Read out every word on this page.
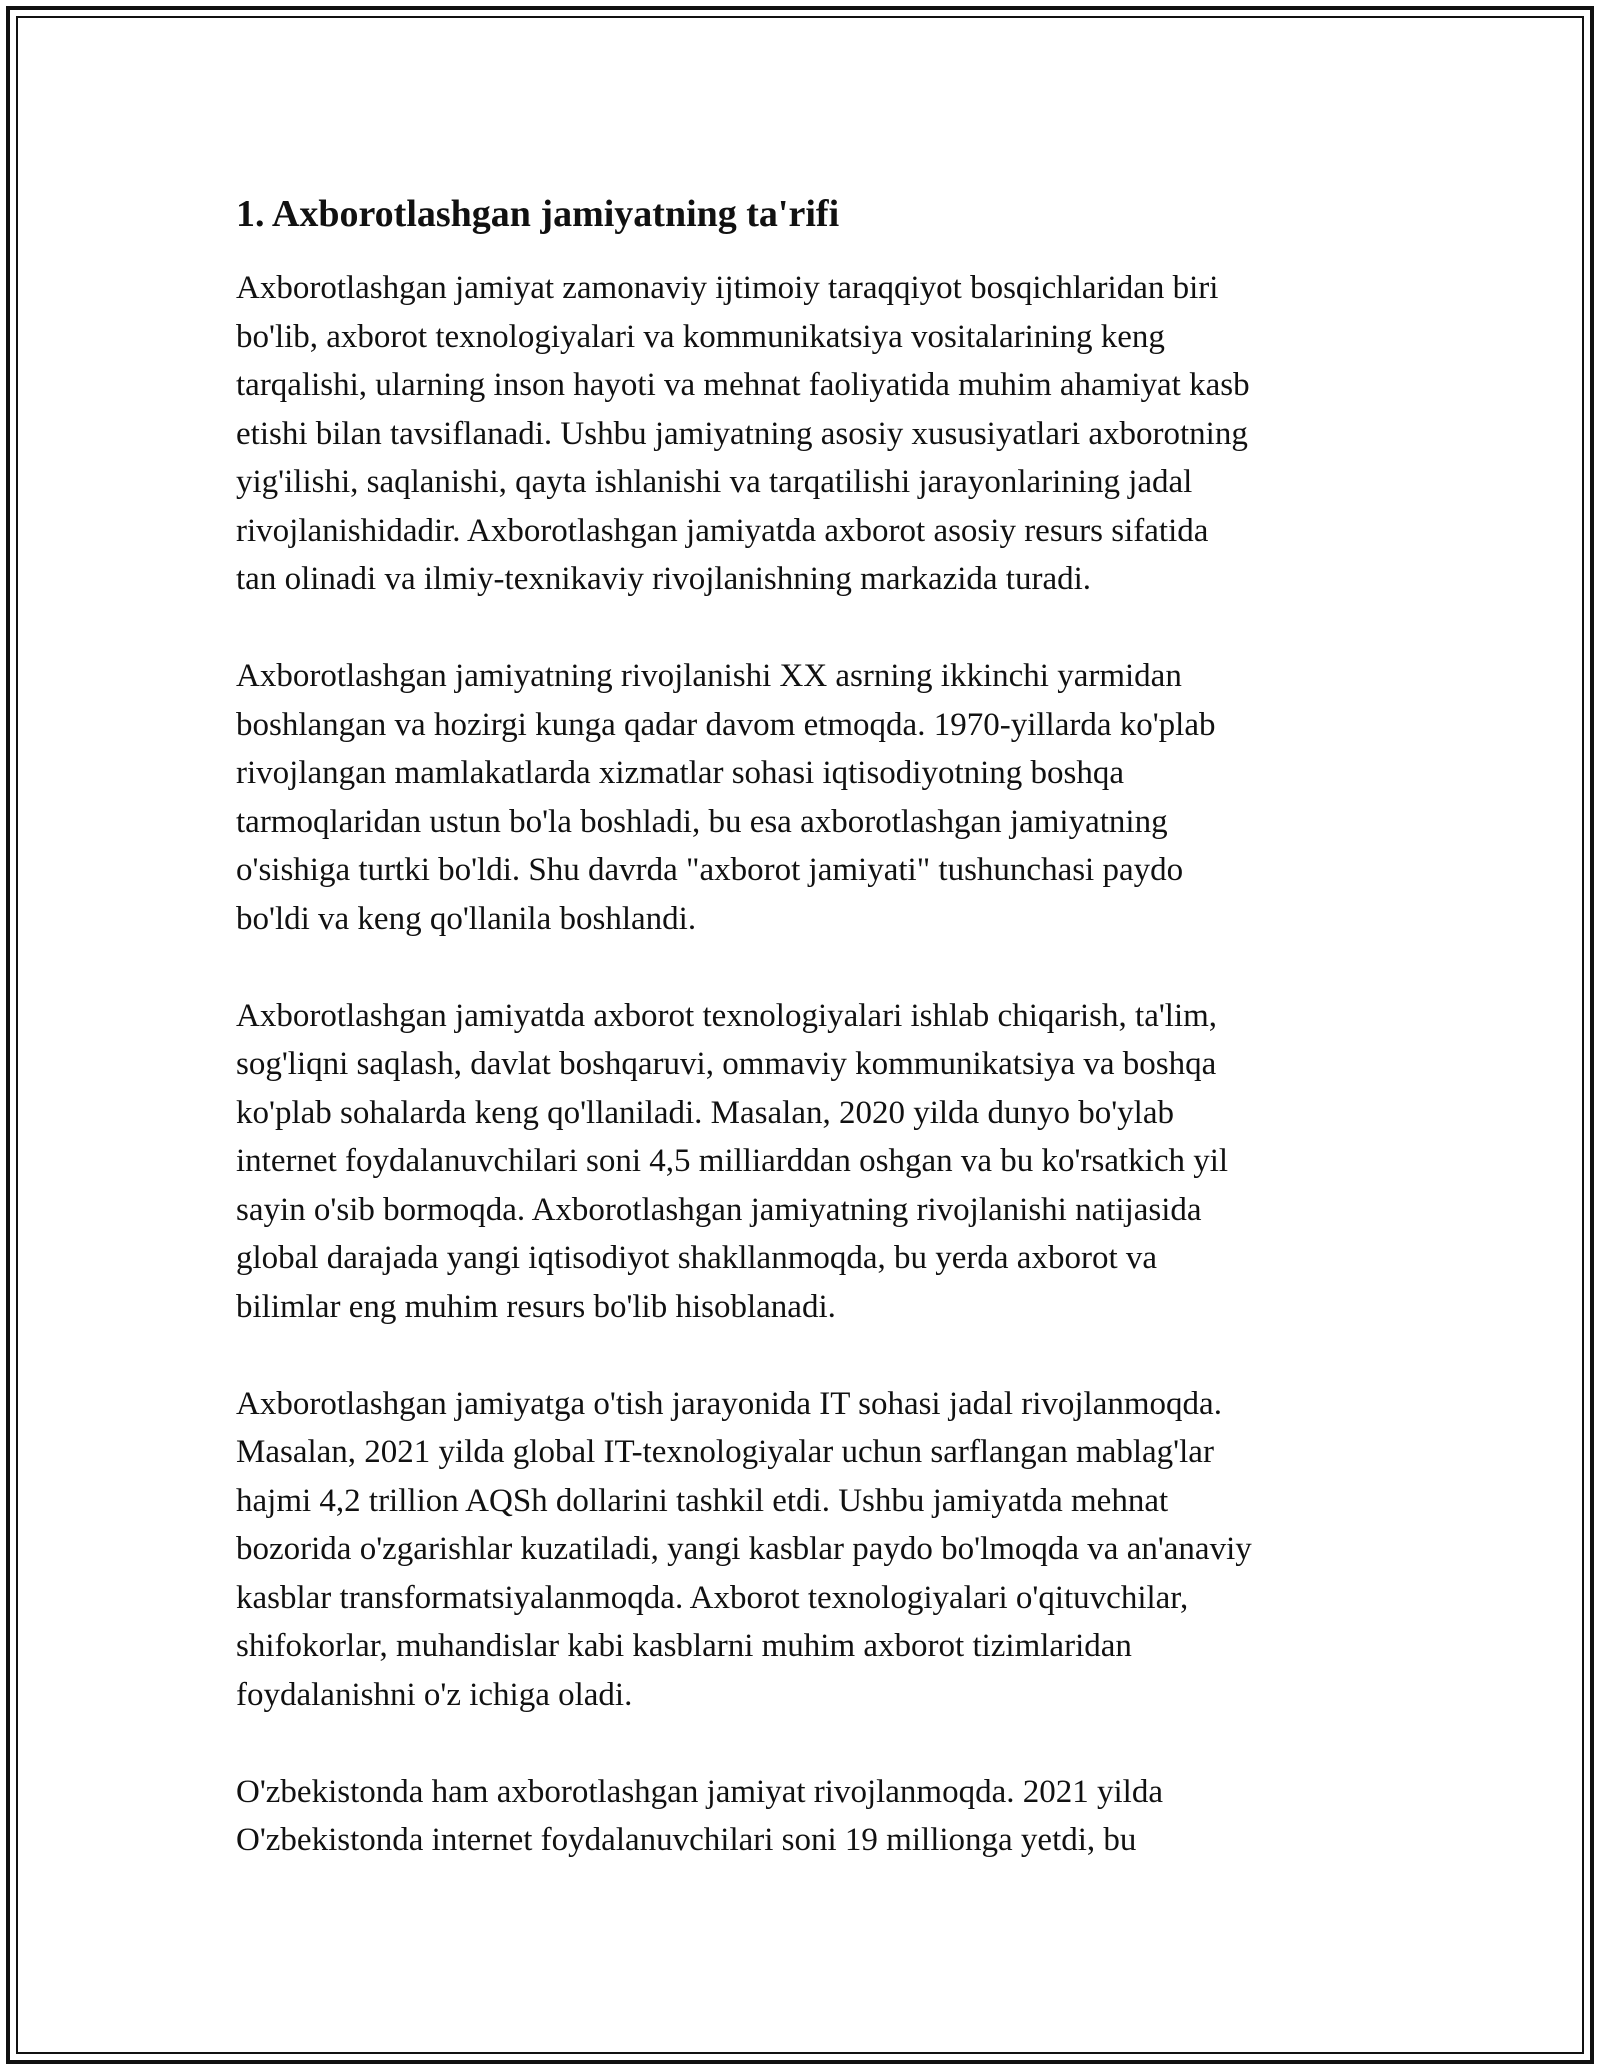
1. Axborotlashgan jamiyatning ta'rifi
Axborotlashgan jamiyat zamonaviy ijtimoiy taraqqiyot bosqichlaridan biri
bo'lib, axborot texnologiyalari va kommunikatsiya vositalarining keng
tarqalishi, ularning inson hayoti va mehnat faoliyatida muhim ahamiyat kasb
etishi bilan tavsiflanadi. Ushbu jamiyatning asosiy xususiyatlari axborotning
yig'ilishi, saqlanishi, qayta ishlanishi va tarqatilishi jarayonlarining jadal
rivojlanishidadir. Axborotlashgan jamiyatda axborot asosiy resurs sifatida
tan olinadi va ilmiy-texnikaviy rivojlanishning markazida turadi.
Axborotlashgan jamiyatning rivojlanishi XX asrning ikkinchi yarmidan
boshlangan va hozirgi kunga qadar davom etmoqda. 1970-yillarda ko'plab
rivojlangan mamlakatlarda xizmatlar sohasi iqtisodiyotning boshqa
tarmoqlaridan ustun bo'la boshladi, bu esa axborotlashgan jamiyatning
o'sishiga turtki bo'ldi. Shu davrda "axborot jamiyati" tushunchasi paydo
bo'ldi va keng qo'llanila boshlandi.
Axborotlashgan jamiyatda axborot texnologiyalari ishlab chiqarish, ta'lim,
sog'liqni saqlash, davlat boshqaruvi, ommaviy kommunikatsiya va boshqa
ko'plab sohalarda keng qo'llaniladi. Masalan, 2020 yilda dunyo bo'ylab
internet foydalanuvchilari soni 4,5 milliarddan oshgan va bu ko'rsatkich yil
sayin o'sib bormoqda. Axborotlashgan jamiyatning rivojlanishi natijasida
global darajada yangi iqtisodiyot shakllanmoqda, bu yerda axborot va
bilimlar eng muhim resurs bo'lib hisoblanadi.
Axborotlashgan jamiyatga o'tish jarayonida IT sohasi jadal rivojlanmoqda.
Masalan, 2021 yilda global IT-texnologiyalar uchun sarflangan mablag'lar
hajmi 4,2 trillion AQSh dollarini tashkil etdi. Ushbu jamiyatda mehnat
bozorida o'zgarishlar kuzatiladi, yangi kasblar paydo bo'lmoqda va an'anaviy
kasblar transformatsiyalanmoqda. Axborot texnologiyalari o'qituvchilar,
shifokorlar, muhandislar kabi kasblarni muhim axborot tizimlaridan
foydalanishni o'z ichiga oladi.
O'zbekistonda ham axborotlashgan jamiyat rivojlanmoqda. 2021 yilda
O'zbekistonda internet foydalanuvchilari soni 19 millionga yetdi, bu
